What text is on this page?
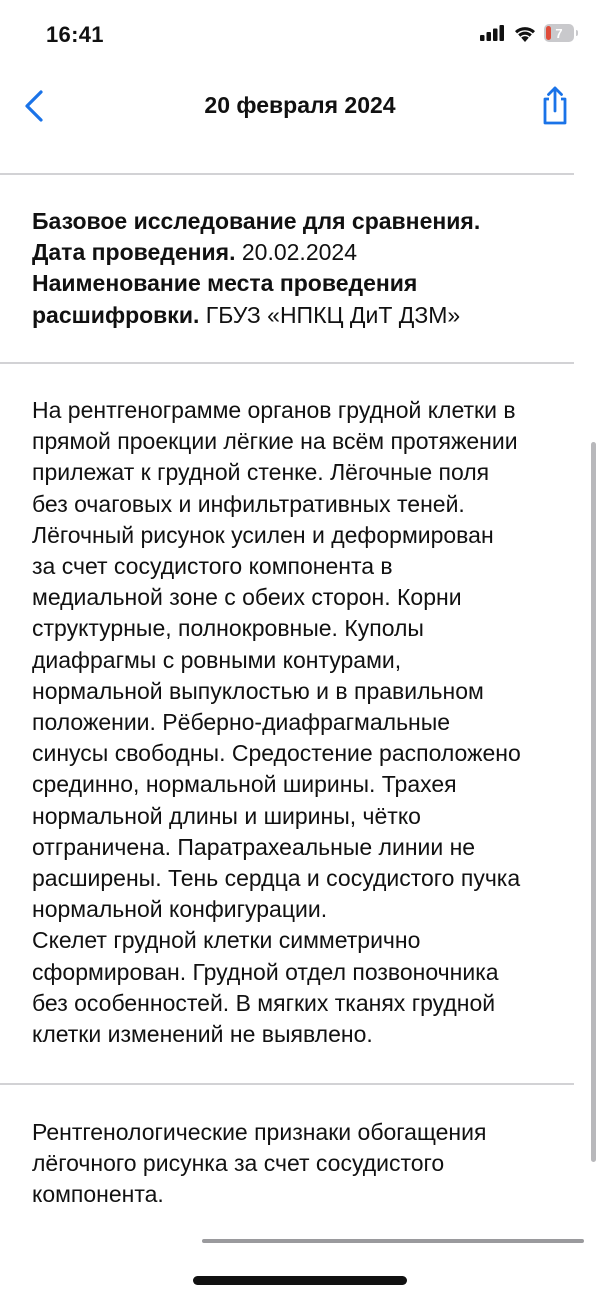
16:41	7
20 февраля 2024
Базовое исследование для сравнения.
Дата проведения. 20.02.2024
Наименование места проведения
расшифровки. ГБУЗ «НПКЦ ДиТ ДЗМ»
На рентгенограмме органов грудной клетки в
прямой проекции лёгкие на всём протяжении
прилежат к грудной стенке. Лёгочные поля
без очаговых и инфильтративных теней.
Лёгочный рисунок усилен и деформирован
за счет сосудистого компонента в
медиальной зоне с обеих сторон. Корни
структурные, полнокровные. Куполы
диафрагмы с ровными контурами,
нормальной выпуклостью и в правильном
положении. Рёберно-диафрагмальные
синусы свободны. Средостение расположено
срединно, нормальной ширины. Трахея
нормальной длины и ширины, чётко
отграничена. Паратрахеальные линии не
расширены. Тень сердца и сосудистого пучка
нормальной конфигурации.
Скелет грудной клетки симметрично
сформирован. Грудной отдел позвоночника
без особенностей. В мягких тканях грудной
клетки изменений не выявлено.
Рентгенологические признаки обогащения
лёгочного рисунка за счет сосудистого
компонента.
